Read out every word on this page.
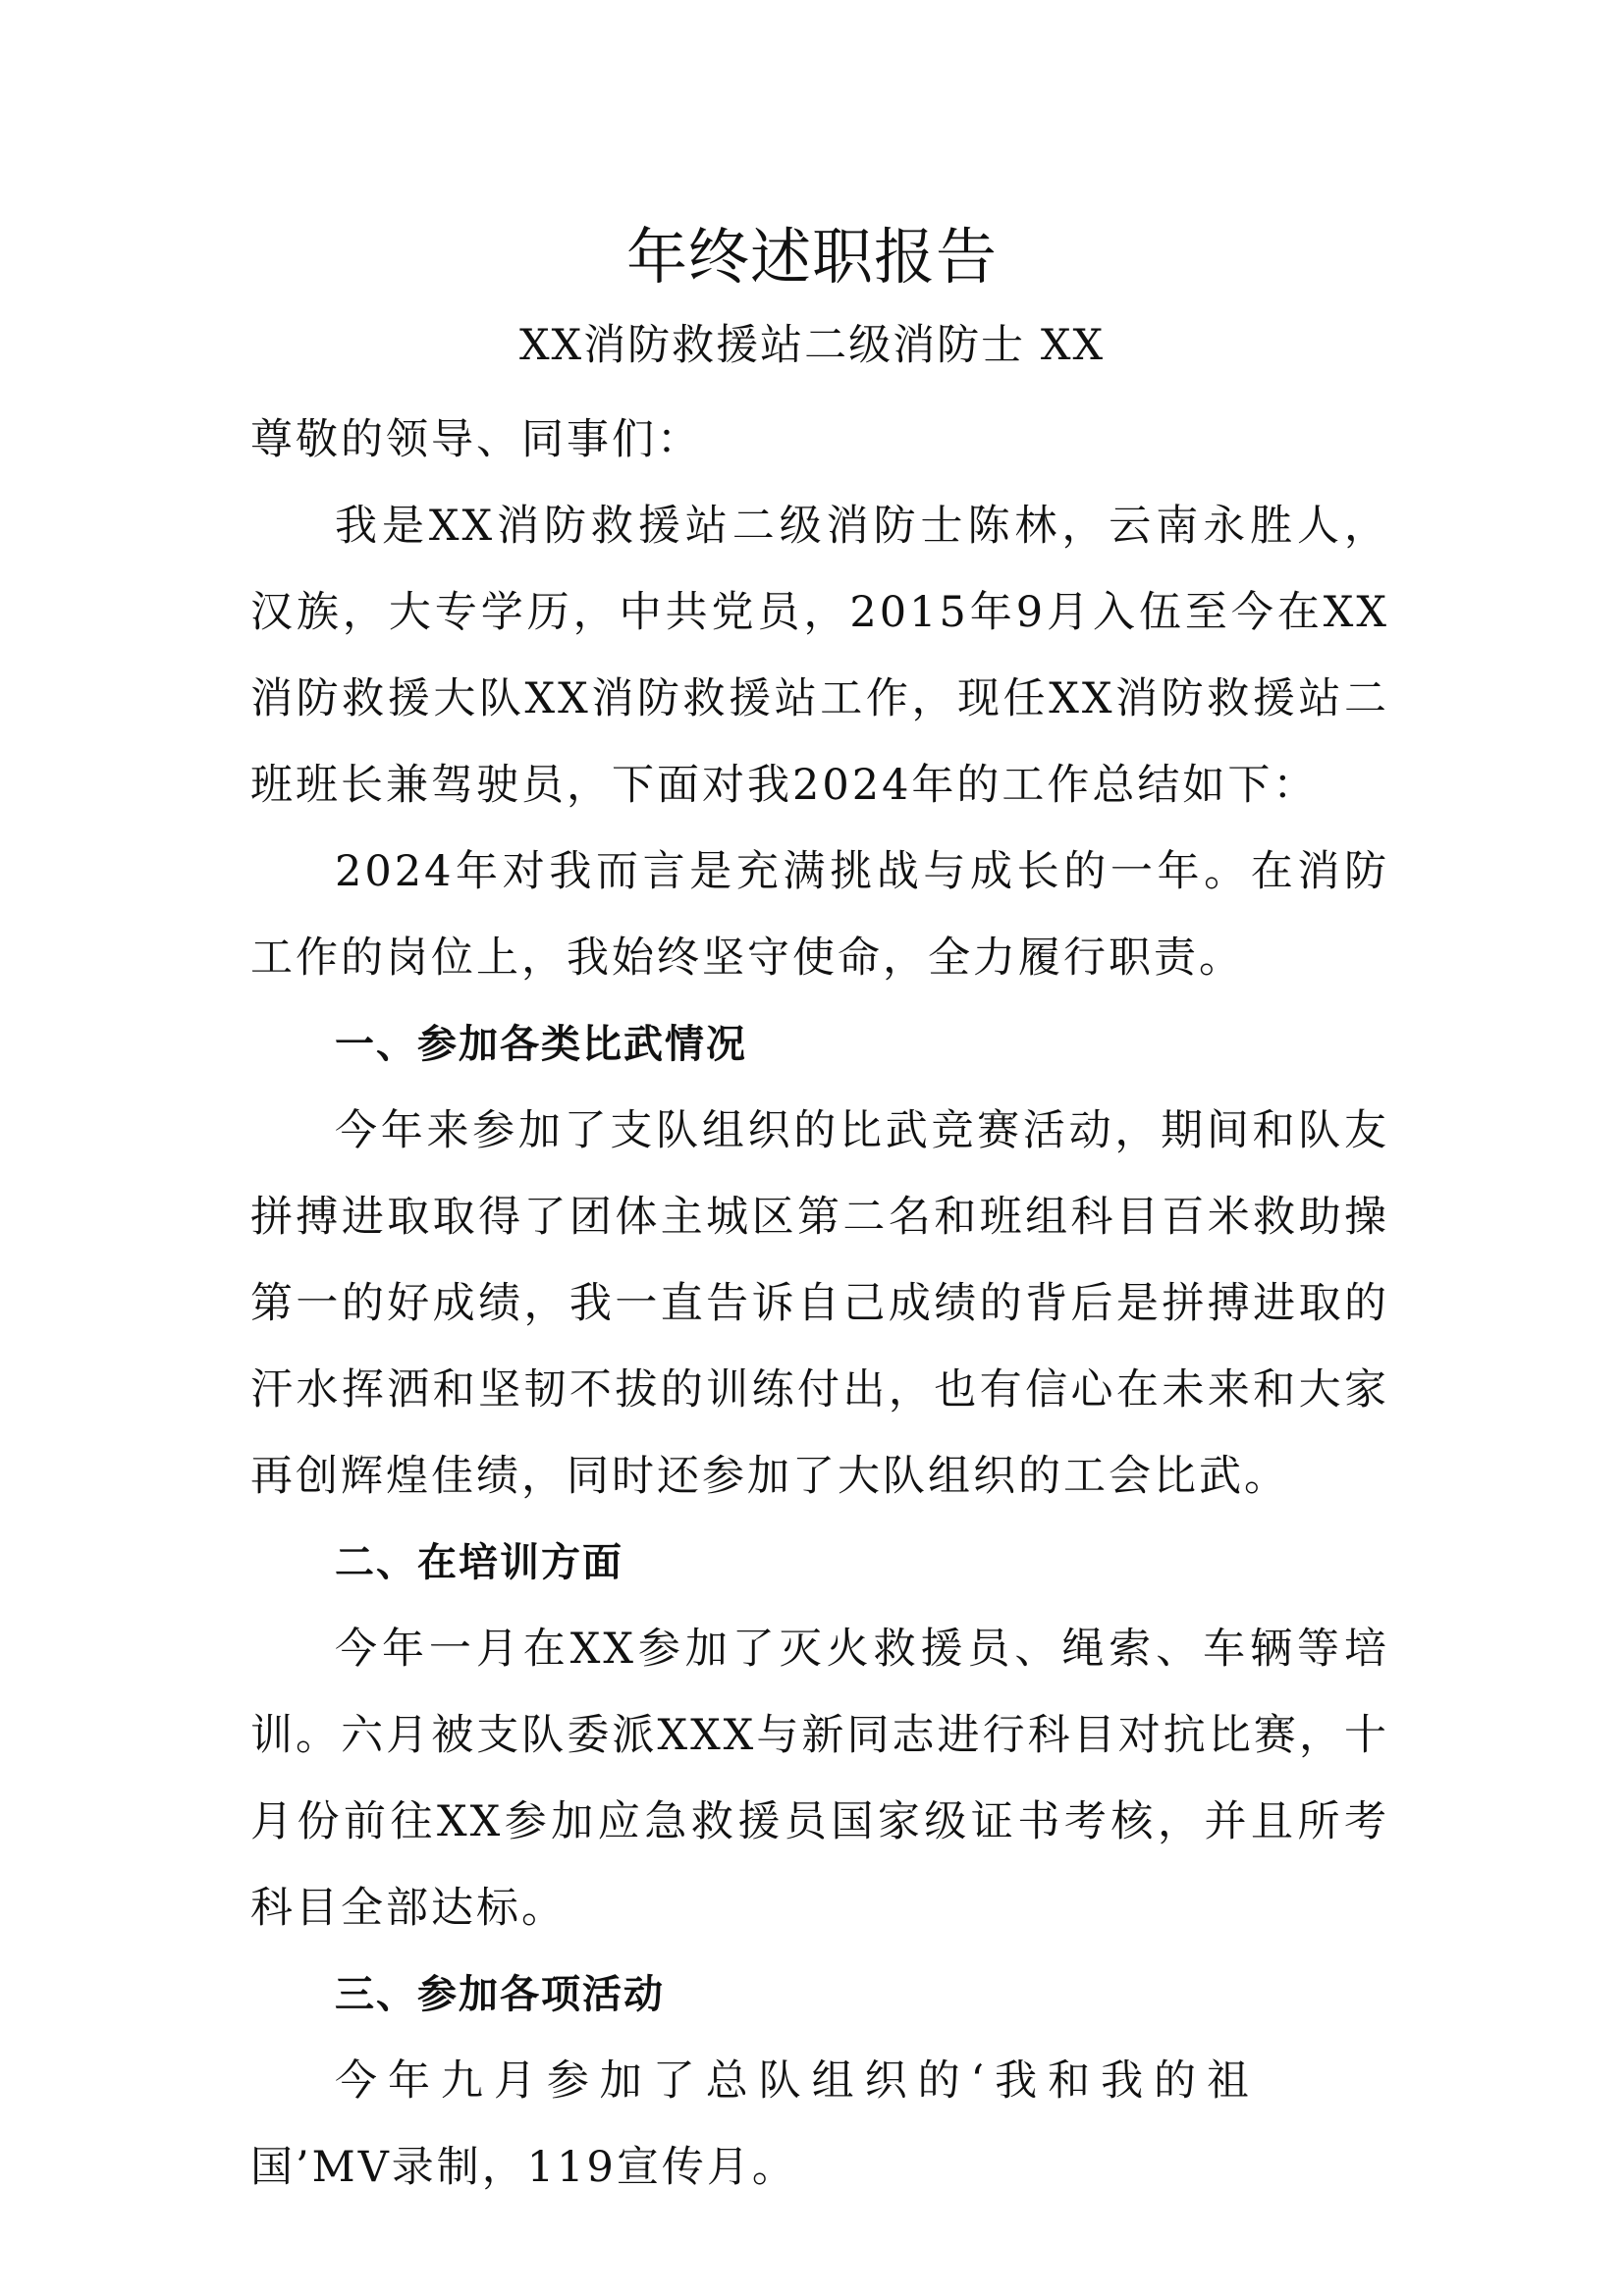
年终述职报告
XX消防救援站二级消防士 XX

尊敬的领导、同事们：

我是XX消防救援站二级消防士陈林，云南永胜人，汉族，大专学历，中共党员，2015年9月入伍至今在XX消防救援大队XX消防救援站工作，现任XX消防救援站二班班长兼驾驶员，下面对我2024年的工作总结如下：

2024年对我而言是充满挑战与成长的一年。在消防工作的岗位上，我始终坚守使命，全力履行职责。

一、参加各类比武情况

今年来参加了支队组织的比武竞赛活动，期间和队友拼搏进取取得了团体主城区第二名和班组科目百米救助操第一的好成绩，我一直告诉自己成绩的背后是拼搏进取的汗水挥洒和坚韧不拔的训练付出，也有信心在未来和大家再创辉煌佳绩，同时还参加了大队组织的工会比武。

二、在培训方面

今年一月在XX参加了灭火救援员、绳索、车辆等培训。六月被支队委派XXX与新同志进行科目对抗比赛，十月份前往XX参加应急救援员国家级证书考核，并且所考科目全部达标。

三、参加各项活动

今年九月参加了总队组织的‘我和我的祖国’MV录制，119宣传月。
